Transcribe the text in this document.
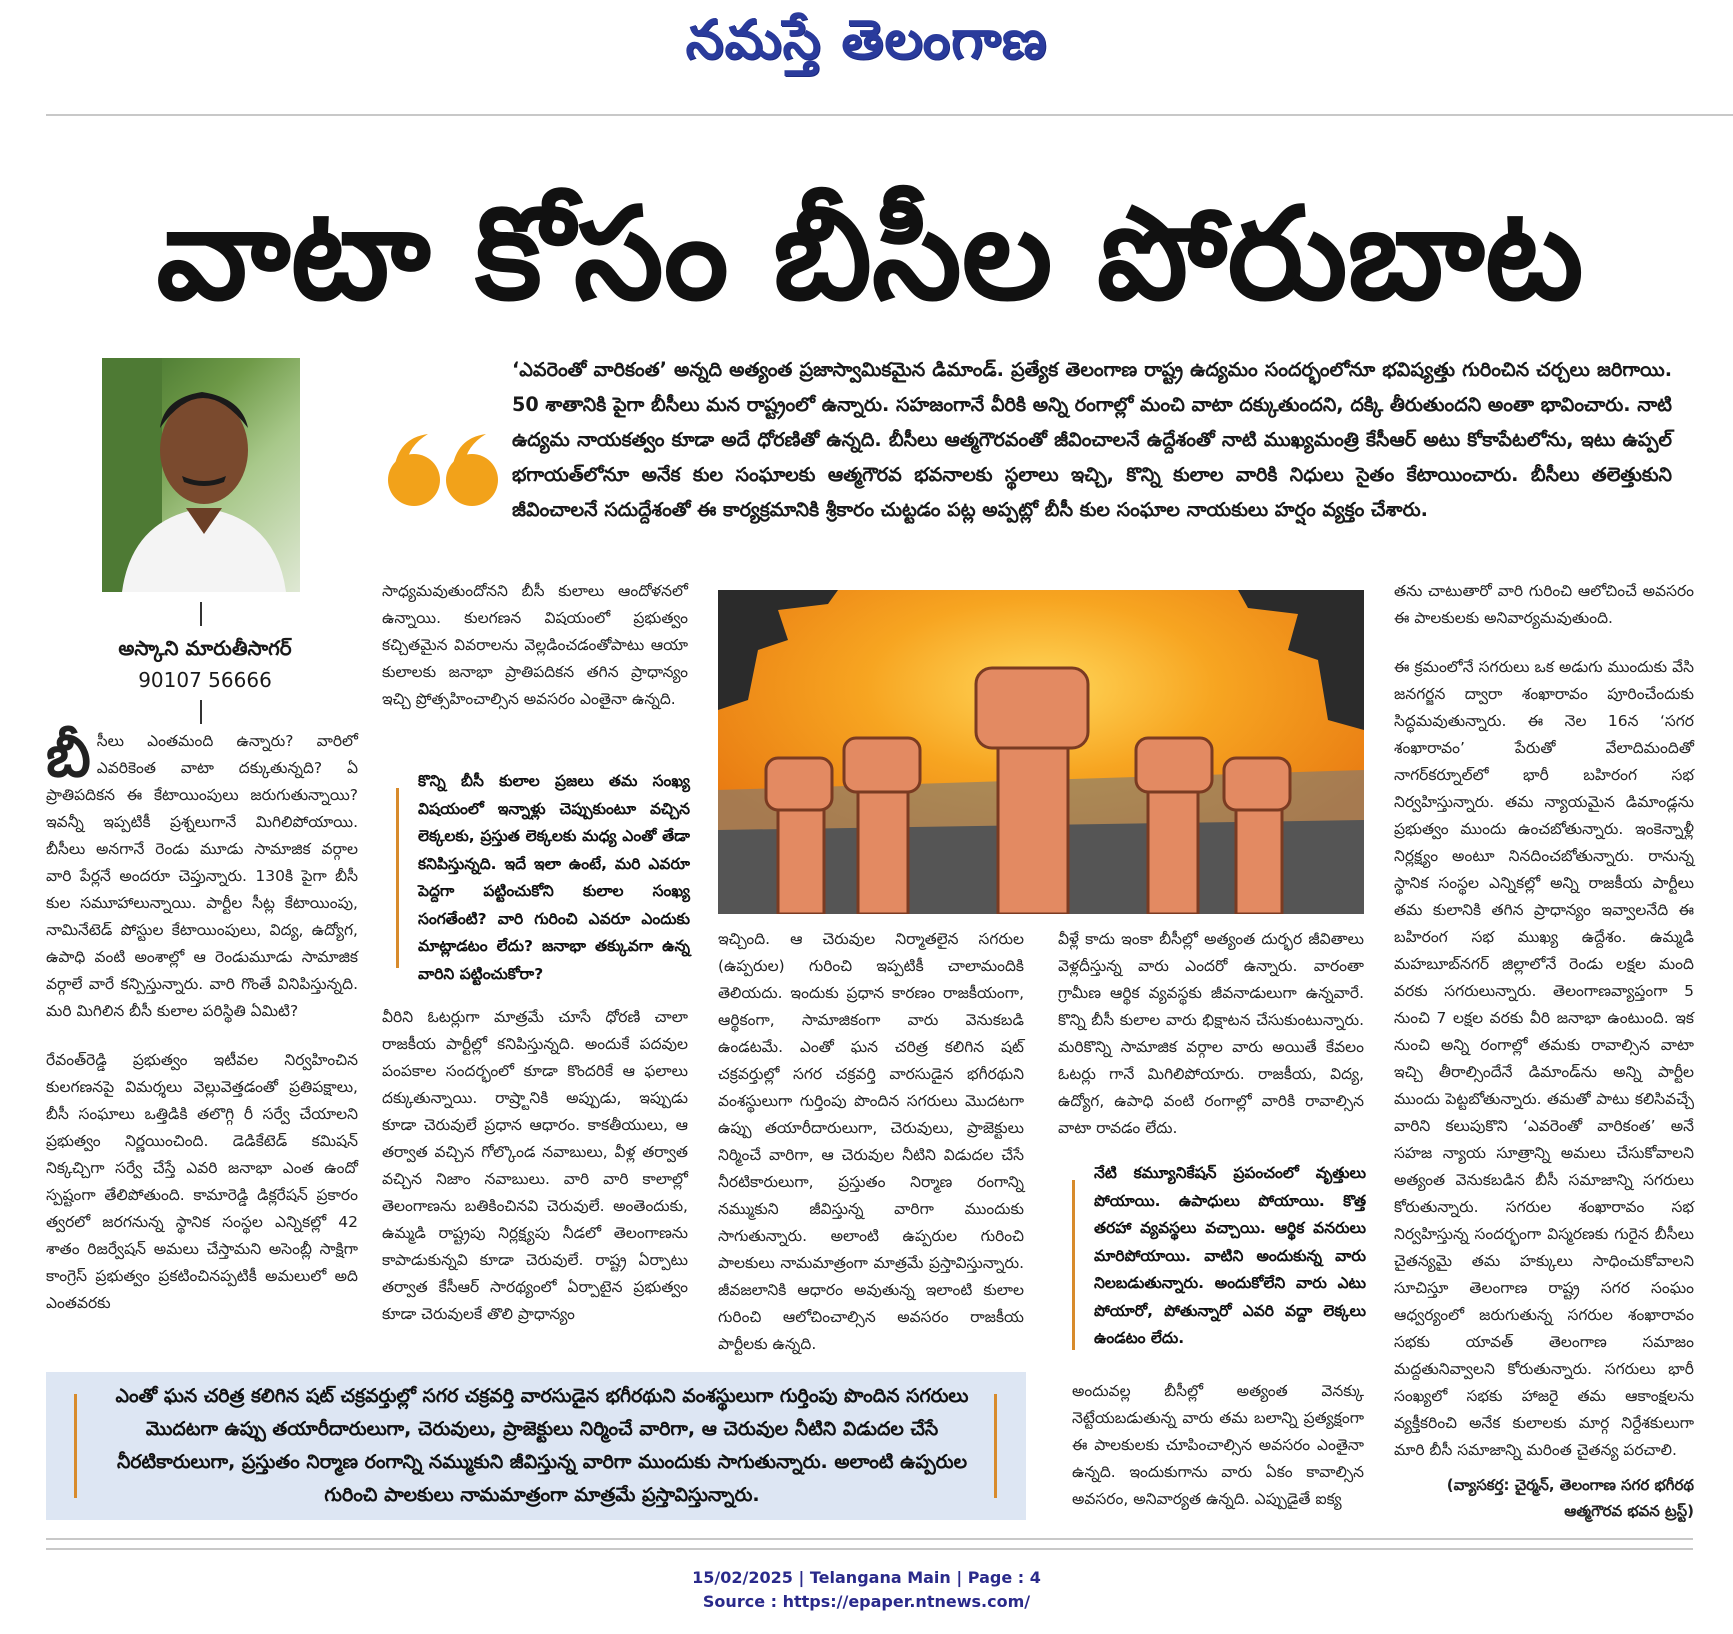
నమస్తే తెలంగాణ
వాటా కోసం బీసీల పోరుబాట
అస్కాని మారుతీసాగర్
90107 56666
‘ఎవరెంతో వారికంత’ అన్నది అత్యంత ప్రజాస్వామికమైన డిమాండ్. ప్రత్యేక తెలంగాణ రాష్ట్ర ఉద్యమం సందర్భంలోనూ భవిష్యత్తు గురించిన చర్చలు జరిగాయి. 50 శాతానికి పైగా బీసీలు మన రాష్ట్రంలో ఉన్నారు. సహజంగానే వీరికి అన్ని రంగాల్లో మంచి వాటా దక్కుతుందని, దక్కి తీరుతుందని అంతా భావించారు. నాటి ఉద్యమ నాయకత్వం కూడా అదే ధోరణితో ఉన్నది. బీసీలు ఆత్మగౌరవంతో జీవించాలనే ఉద్దేశంతో నాటి ముఖ్యమంత్రి కేసీఆర్ అటు కోకాపేటలోను, ఇటు ఉప్పల్ భగాయత్‌లోనూ అనేక కుల సంఘాలకు ఆత్మగౌరవ భవనాలకు స్థలాలు ఇచ్చి, కొన్ని కులాల వారికి నిధులు సైతం కేటాయించారు. బీసీలు తలెత్తుకుని జీవించాలనే సదుద్దేశంతో ఈ కార్యక్రమానికి శ్రీకారం చుట్టడం పట్ల అప్పట్లో బీసీ కుల సంఘాల నాయకులు హర్షం వ్యక్తం చేశారు.

బీసీలు ఎంతమంది ఉన్నారు? వారిలో ఎవరికెంత వాటా దక్కుతున్నది? ఏ ప్రాతిపదికన ఈ కేటాయింపులు జరుగుతున్నాయి? ఇవన్నీ ఇప్పటికీ ప్రశ్నలుగానే మిగిలిపోయాయి. బీసీలు అనగానే రెండు మూడు సామాజిక వర్గాల వారి పేర్లనే అందరూ చెప్తున్నారు. 130కి పైగా బీసీ కుల సమూహాలున్నాయి. పార్టీల సీట్ల కేటాయింపు, నామినేటెడ్ పోస్టుల కేటాయింపులు, విద్య, ఉద్యోగ, ఉపాధి వంటి అంశాల్లో ఆ రెండుమూడు సామాజిక వర్గాలే వారే కన్పిస్తున్నారు. వారి గొంతే వినిపిస్తున్నది. మరి మిగిలిన బీసీ కులాల పరిస్థితి ఏమిటి?

రేవంత్‌రెడ్డి ప్రభుత్వం ఇటీవల నిర్వహించిన కులగణనపై విమర్శలు వెల్లువెత్తడంతో ప్రతిపక్షాలు, బీసీ సంఘాలు ఒత్తిడికి తలొగ్గి రీ సర్వే చేయాలని ప్రభుత్వం నిర్ణయించింది. డెడికేటెడ్ కమిషన్ నిక్కచ్చిగా సర్వే చేస్తే ఎవరి జనాభా ఎంత ఉందో స్పష్టంగా తేలిపోతుంది. కామారెడ్డి డిక్లరేషన్ ప్రకారం త్వరలో జరగనున్న స్థానిక సంస్థల ఎన్నికల్లో 42 శాతం రిజర్వేషన్ అమలు చేస్తామని అసెంబ్లీ సాక్షిగా కాంగ్రెస్ ప్రభుత్వం ప్రకటించినప్పటికీ అమలులో అది ఎంతవరకు

సాధ్యమవుతుందోనని బీసీ కులాలు ఆందోళనలో ఉన్నాయి. కులగణన విషయంలో ప్రభుత్వం కచ్చితమైన వివరాలను వెల్లడించడంతోపాటు ఆయా కులాలకు జనాభా ప్రాతిపదికన తగిన ప్రాధాన్యం ఇచ్చి ప్రోత్సహించాల్సిన అవసరం ఎంతైనా ఉన్నది.

కొన్ని బీసీ కులాల ప్రజలు తమ సంఖ్య విషయంలో ఇన్నాళ్లు చెప్పుకుంటూ వచ్చిన లెక్కలకు, ప్రస్తుత లెక్కలకు మధ్య ఎంతో తేడా కనిపిస్తున్నది. ఇదే ఇలా ఉంటే, మరి ఎవరూ పెద్దగా పట్టించుకోని కులాల సంఖ్య సంగతేంటి? వారి గురించి ఎవరూ ఎందుకు మాట్లాడటం లేదు? జనాభా తక్కువగా ఉన్న వారిని పట్టించుకోరా?

వీరిని ఓటర్లుగా మాత్రమే చూసే ధోరణి చాలా రాజకీయ పార్టీల్లో కనిపిస్తున్నది. అందుకే పదవుల పంపకాల సందర్భంలో కూడా కొందరికే ఆ ఫలాలు దక్కుతున్నాయి. రాష్ర్టానికి అప్పుడు, ఇప్పుడు కూడా చెరువులే ప్రధాన ఆధారం. కాకతీయులు, ఆ తర్వాత వచ్చిన గోల్కొండ నవాబులు, వీళ్ల తర్వాత వచ్చిన నిజాం నవాబులు. వారి వారి కాలాల్లో తెలంగాణను బతికించినవి చెరువులే. అంతెందుకు, ఉమ్మడి రాష్ట్రపు నిర్లక్ష్యపు నీడలో తెలంగాణను కాపాడుకున్నవి కూడా చెరువులే. రాష్ట్ర ఏర్పాటు తర్వాత కేసీఆర్ సారథ్యంలో ఏర్పాటైన ప్రభుత్వం కూడా చెరువులకే తొలి ప్రాధాన్యం

ఇచ్చింది. ఆ చెరువుల నిర్మాతలైన సగరుల (ఉప్పరుల) గురించి ఇప్పటికీ చాలామందికి తెలియదు. ఇందుకు ప్రధాన కారణం రాజకీయంగా, ఆర్థికంగా, సామాజికంగా వారు వెనుకబడి ఉండటమే. ఎంతో ఘన చరిత్ర కలిగిన షట్ చక్రవర్తుల్లో సగర చక్రవర్తి వారసుడైన భగీరథుని వంశస్థులుగా గుర్తింపు పొందిన సగరులు మొదటగా ఉప్పు తయారీదారులుగా, చెరువులు, ప్రాజెక్టులు నిర్మించే వారిగా, ఆ చెరువుల నీటిని విడుదల చేసే నీరటికారులుగా, ప్రస్తుతం నిర్మాణ రంగాన్ని నమ్ముకుని జీవిస్తున్న వారిగా ముందుకు సాగుతున్నారు. అలాంటి ఉప్పరుల గురించి పాలకులు నామమాత్రంగా మాత్రమే ప్రస్తావిస్తున్నారు. జీవజలానికి ఆధారం అవుతున్న ఇలాంటి కులాల గురించి ఆలోచించాల్సిన అవసరం రాజకీయ పార్టీలకు ఉన్నది.

వీళ్లే కాదు ఇంకా బీసీల్లో అత్యంత దుర్భర జీవితాలు వెళ్లదీస్తున్న వారు ఎందరో ఉన్నారు. వారంతా గ్రామీణ ఆర్థిక వ్యవస్థకు జీవనాడులుగా ఉన్నవారే. కొన్ని బీసీ కులాల వారు భిక్షాటన చేసుకుంటున్నారు. మరికొన్ని సామాజిక వర్గాల వారు అయితే కేవలం ఓటర్లు గానే మిగిలిపోయారు. రాజకీయ, విద్య, ఉద్యోగ, ఉపాధి వంటి రంగాల్లో వారికి రావాల్సిన వాటా రావడం లేదు.

నేటి కమ్యూనికేషన్ ప్రపంచంలో వృత్తులు పోయాయి. ఉపాధులు పోయాయి. కొత్త తరహా వ్యవస్థలు వచ్చాయి. ఆర్థిక వనరులు మారిపోయాయి. వాటిని అందుకున్న వారు నిలబడుతున్నారు. అందుకోలేని వారు ఎటు పోయారో, పోతున్నారో ఎవరి వద్దా లెక్కలు ఉండటం లేదు.

అందువల్ల బీసీల్లో అత్యంత వెనక్కు నెట్టేయబడుతున్న వారు తమ బలాన్ని ప్రత్యక్షంగా ఈ పాలకులకు చూపించాల్సిన అవసరం ఎంతైనా ఉన్నది. ఇందుకుగాను వారు ఏకం కావాల్సిన అవసరం, అనివార్యత ఉన్నది. ఎప్పుడైతే ఐక్య

తను చాటుతారో వారి గురించి ఆలోచించే అవసరం ఈ పాలకులకు అనివార్యమవుతుంది.

ఈ క్రమంలోనే సగరులు ఒక అడుగు ముందుకు వేసి జనగర్జన ద్వారా శంఖారావం పూరించేందుకు సిద్ధమవుతున్నారు. ఈ నెల 16న ‘సగర శంఖారావం’ పేరుతో వేలాదిమందితో నాగర్‌కర్నూల్‌లో భారీ బహిరంగ సభ నిర్వహిస్తున్నారు. తమ న్యాయమైన డిమాండ్లను ప్రభుత్వం ముందు ఉంచబోతున్నారు. ఇంకెన్నాళ్లీ నిర్లక్ష్యం అంటూ నినదించబోతున్నారు. రానున్న స్థానిక సంస్థల ఎన్నికల్లో అన్ని రాజకీయ పార్టీలు తమ కులానికి తగిన ప్రాధాన్యం ఇవ్వాలనేది ఈ బహిరంగ సభ ముఖ్య ఉద్దేశం. ఉమ్మడి మహబూబ్‌నగర్ జిల్లాలోనే రెండు లక్షల మంది వరకు సగరులున్నారు. తెలంగాణవ్యాప్తంగా 5 నుంచి 7 లక్షల వరకు వీరి జనాభా ఉంటుంది. ఇక నుంచి అన్ని రంగాల్లో తమకు రావాల్సిన వాటా ఇచ్చి తీరాల్సిందేనే డిమాండ్‌ను అన్ని పార్టీల ముందు పెట్టబోతున్నారు. తమతో పాటు కలిసివచ్చే వారిని కలుపుకొని ‘ఎవరెంతో వారికంత’ అనే సహజ న్యాయ సూత్రాన్ని అమలు చేసుకోవాలని అత్యంత వెనుకబడిన బీసీ సమాజాన్ని సగరులు కోరుతున్నారు. సగరుల శంఖారావం సభ నిర్వహిస్తున్న సందర్భంగా విస్మరణకు గురైన బీసీలు చైతన్యమై తమ హక్కులు సాధించుకోవాలని సూచిస్తూ తెలంగాణ రాష్ట్ర సగర సంఘం ఆధ్వర్యంలో జరుగుతున్న సగరుల శంఖారావం సభకు యావత్ తెలంగాణ సమాజం మద్దతునివ్వాలని కోరుతున్నారు. సగరులు భారీ సంఖ్యలో సభకు హాజరై తమ ఆకాంక్షలను వ్యక్తీకరించి అనేక కులాలకు మార్గ నిర్దేశకులుగా మారి బీసీ సమాజాన్ని మరింత చైతన్య పరచాలి.

(వ్యాసకర్త: చైర్మన్, తెలంగాణ సగర భగీరథ ఆత్మగౌరవ భవన ట్రస్ట్)
ఎంతో ఘన చరిత్ర కలిగిన షట్ చక్రవర్తుల్లో సగర చక్రవర్తి వారసుడైన భగీరథుని వంశస్థులుగా గుర్తింపు పొందిన సగరులు మొదటగా ఉప్పు తయారీదారులుగా, చెరువులు, ప్రాజెక్టులు నిర్మించే వారిగా, ఆ చెరువుల నీటిని విడుదల చేసే నీరటికారులుగా, ప్రస్తుతం నిర్మాణ రంగాన్ని నమ్ముకుని జీవిస్తున్న వారిగా ముందుకు సాగుతున్నారు. అలాంటి ఉప్పరుల గురించి పాలకులు నామమాత్రంగా మాత్రమే ప్రస్తావిస్తున్నారు.
15/02/2025 | Telangana Main | Page : 4
Source : https://epaper.ntnews.com/
